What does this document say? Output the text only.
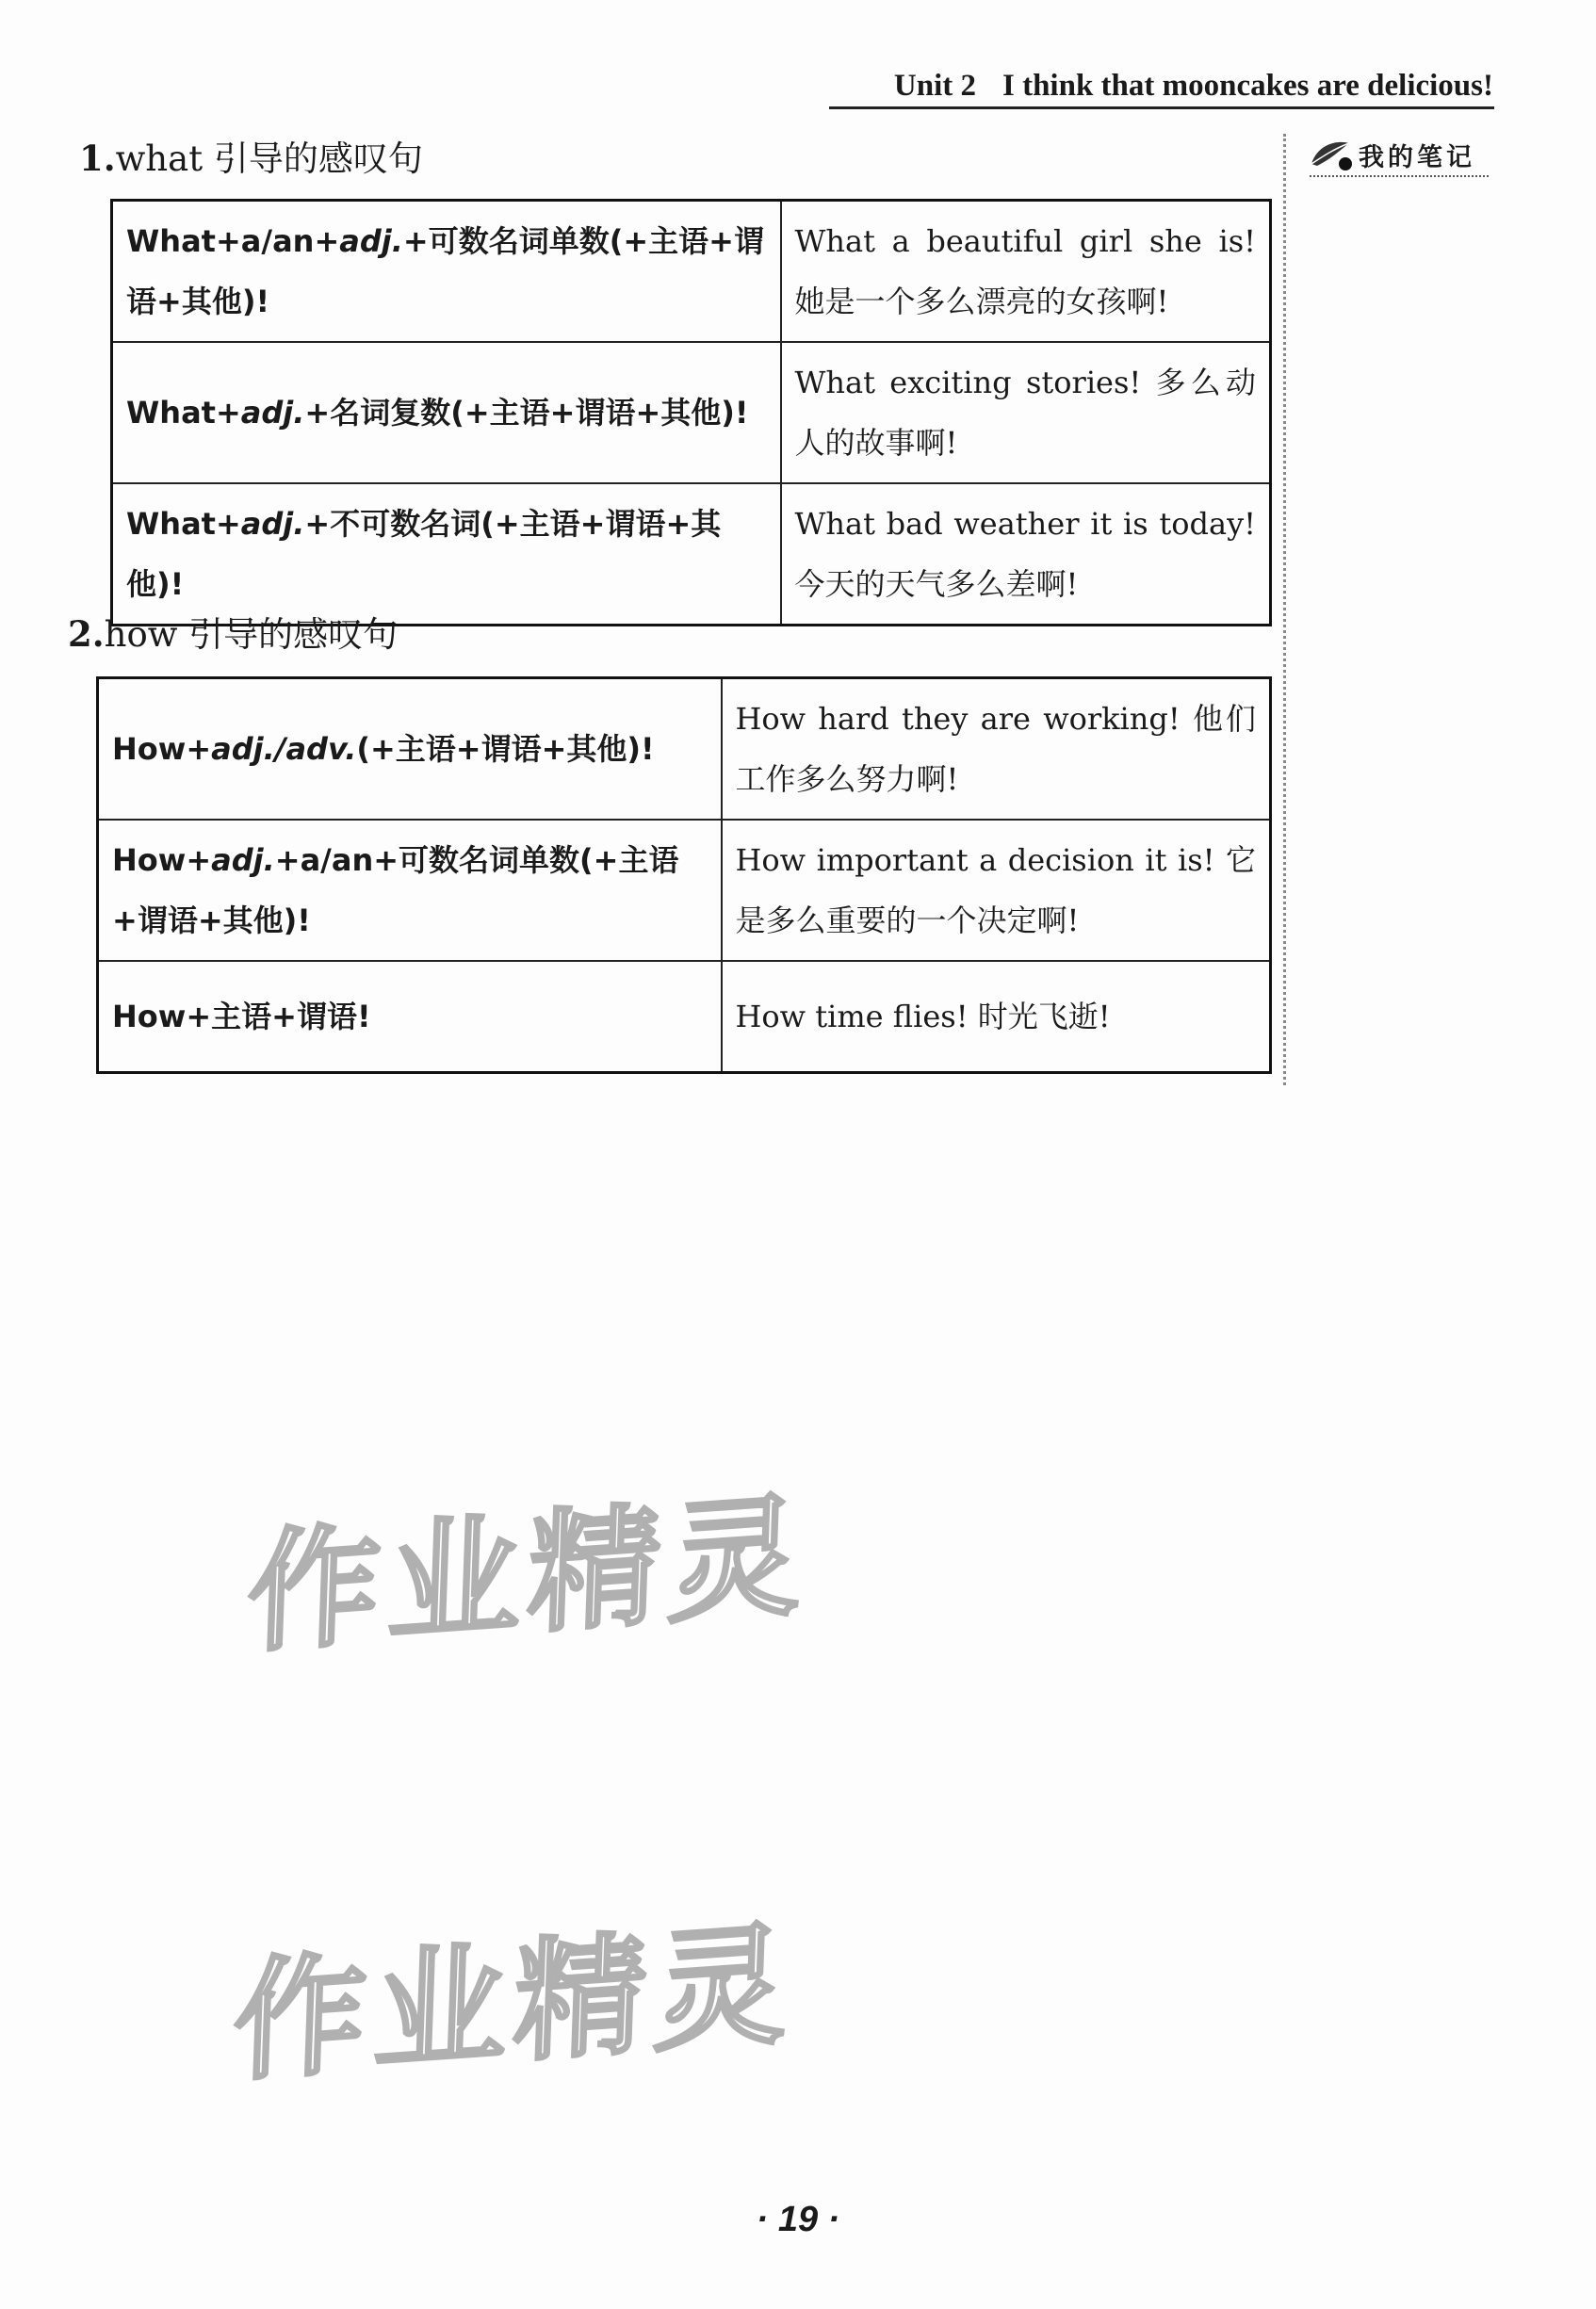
Unit 2 I think that mooncakes are delicious!
我的笔记
1.what 引导的感叹句
What+a/an+adj.+可数名词单数(+主语+谓语+其他)!	What a beautiful girl she is! 她是一个多么漂亮的女孩啊!
What+adj.+名词复数(+主语+谓语+其他)!	What exciting stories! 多么动人的故事啊!
What+adj.+不可数名词(+主语+谓语+其他)!	What bad weather it is today! 今天的天气多么差啊!
2.how 引导的感叹句
How+adj./adv.(+主语+谓语+其他)!	How hard they are working! 他们工作多么努力啊!
How+adj.+a/an+可数名词单数(+主语+谓语+其他)!	How important a decision it is! 它是多么重要的一个决定啊!
How+主语+谓语!	How time flies! 时光飞逝!
作业精灵
作业精灵
· 19 ·
